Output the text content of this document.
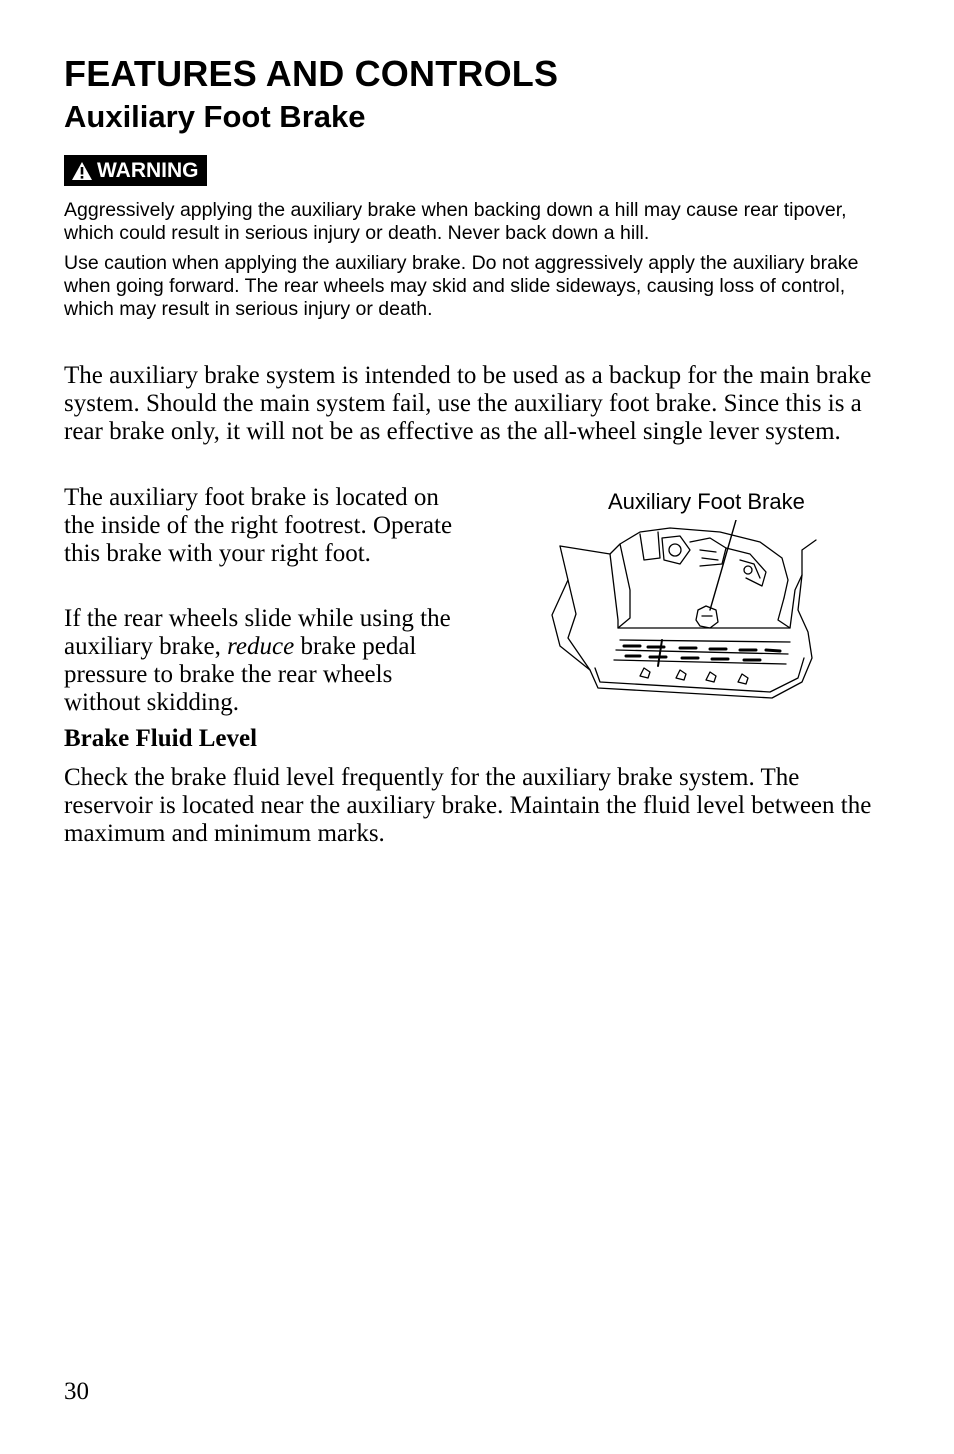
FEATURES AND CONTROLS
Auxiliary Foot Brake
WARNING

Aggressively applying the auxiliary brake when backing down a hill may cause rear tipover, which could result in serious injury or death. Never back down a hill.

Use caution when applying the auxiliary brake. Do not aggressively apply the auxiliary brake when going forward. The rear wheels may skid and slide sideways, causing loss of control, which may result in serious injury or death.

The auxiliary brake system is intended to be used as a backup for the main brake system. Should the main system fail, use the auxiliary foot brake. Since this is a rear brake only, it will not be as effective as the all-wheel single lever system.

The auxiliary foot brake is located on the inside of the right footrest. Operate this brake with your right foot.

If the rear wheels slide while using the auxiliary brake, reduce brake pedal pressure to brake the rear wheels without skidding.

Auxiliary Foot Brake

Brake Fluid Level

Check the brake fluid level frequently for the auxiliary brake system. The reservoir is located near the auxiliary brake. Maintain the fluid level between the maximum and minimum marks.

30
